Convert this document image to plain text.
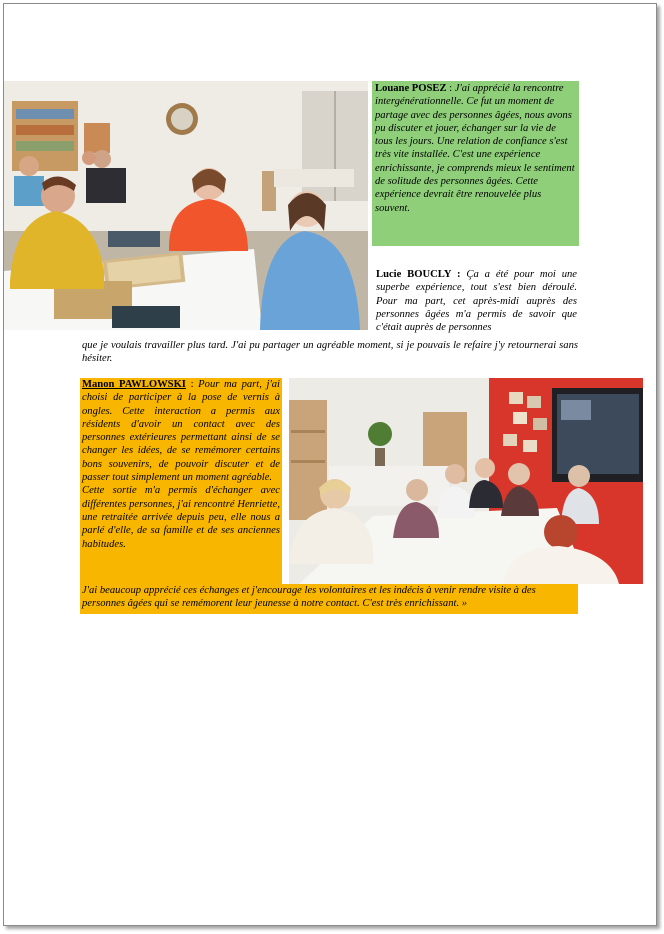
Louane POSEZ : J'ai apprécié la rencontre intergénérationnelle. Ce fut un moment de partage avec des personnes âgées, nous avons pu discuter et jouer, échanger sur la vie de tous les jours. Une relation de confiance s'est très vite installée. C'est une expérience enrichissante, je comprends mieux le sentiment de solitude des personnes âgées. Cette expérience devrait être renouvelée plus souvent.
Lucie BOUCLY : Ça a été pour moi une superbe expérience, tout s'est bien déroulé. Pour ma part, cet après-midi auprès des personnes âgées m'a permis de savoir que c'était auprès de personnes
que je voulais travailler plus tard. J'ai pu partager un agréable moment, si je pouvais le refaire j'y retournerai sans hésiter.
Manon PAWLOWSKI : Pour ma part, j'ai choisi de participer à la pose de vernis à ongles. Cette interaction a permis aux résidents d'avoir un contact avec des personnes extérieures permettant ainsi de se changer les idées, de se remémorer certains bons souvenirs, de pouvoir discuter et de passer tout simplement un moment agréable.
Cette sortie m'a permis d'échanger avec différentes personnes, j'ai rencontré Henriette, une retraitée arrivée depuis peu, elle nous a parlé d'elle, de sa famille et de ses anciennes habitudes.
J'ai beaucoup apprécié ces échanges et j'encourage les volontaires et les indécis à venir rendre visite à des personnes âgées qui se remémorent leur jeunesse à notre contact. C'est très enrichissant. »
